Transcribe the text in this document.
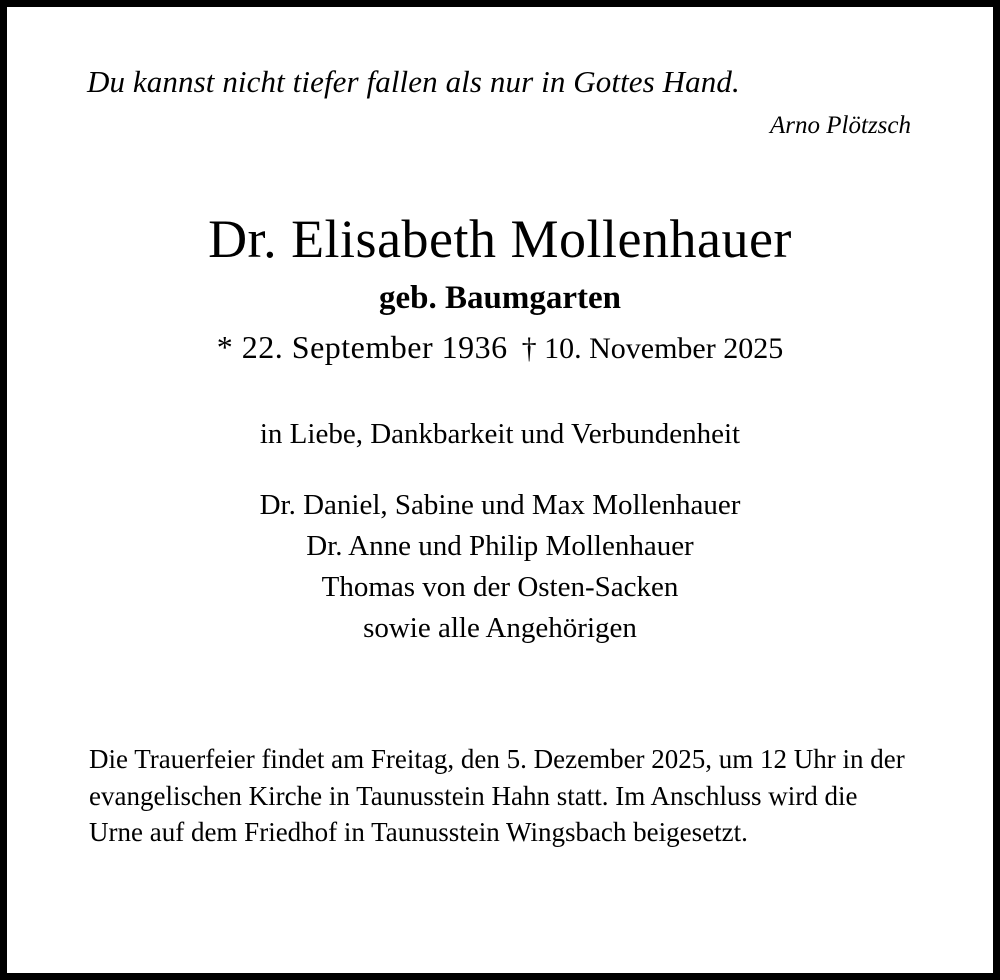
Du kannst nicht tiefer fallen als nur in Gottes Hand.
Arno Plötzsch
Dr. Elisabeth Mollenhauer
geb. Baumgarten
* 22. September 1936 † 10. November 2025
in Liebe, Dankbarkeit und Verbundenheit
Dr. Daniel, Sabine und Max Mollenhauer
Dr. Anne und Philip Mollenhauer
Thomas von der Osten-Sacken
sowie alle Angehörigen
Die Trauerfeier findet am Freitag, den 5. Dezember 2025, um 12 Uhr in der evangelischen Kirche in Taunusstein Hahn statt. Im Anschluss wird die Urne auf dem Friedhof in Taunusstein Wingsbach beigesetzt.
